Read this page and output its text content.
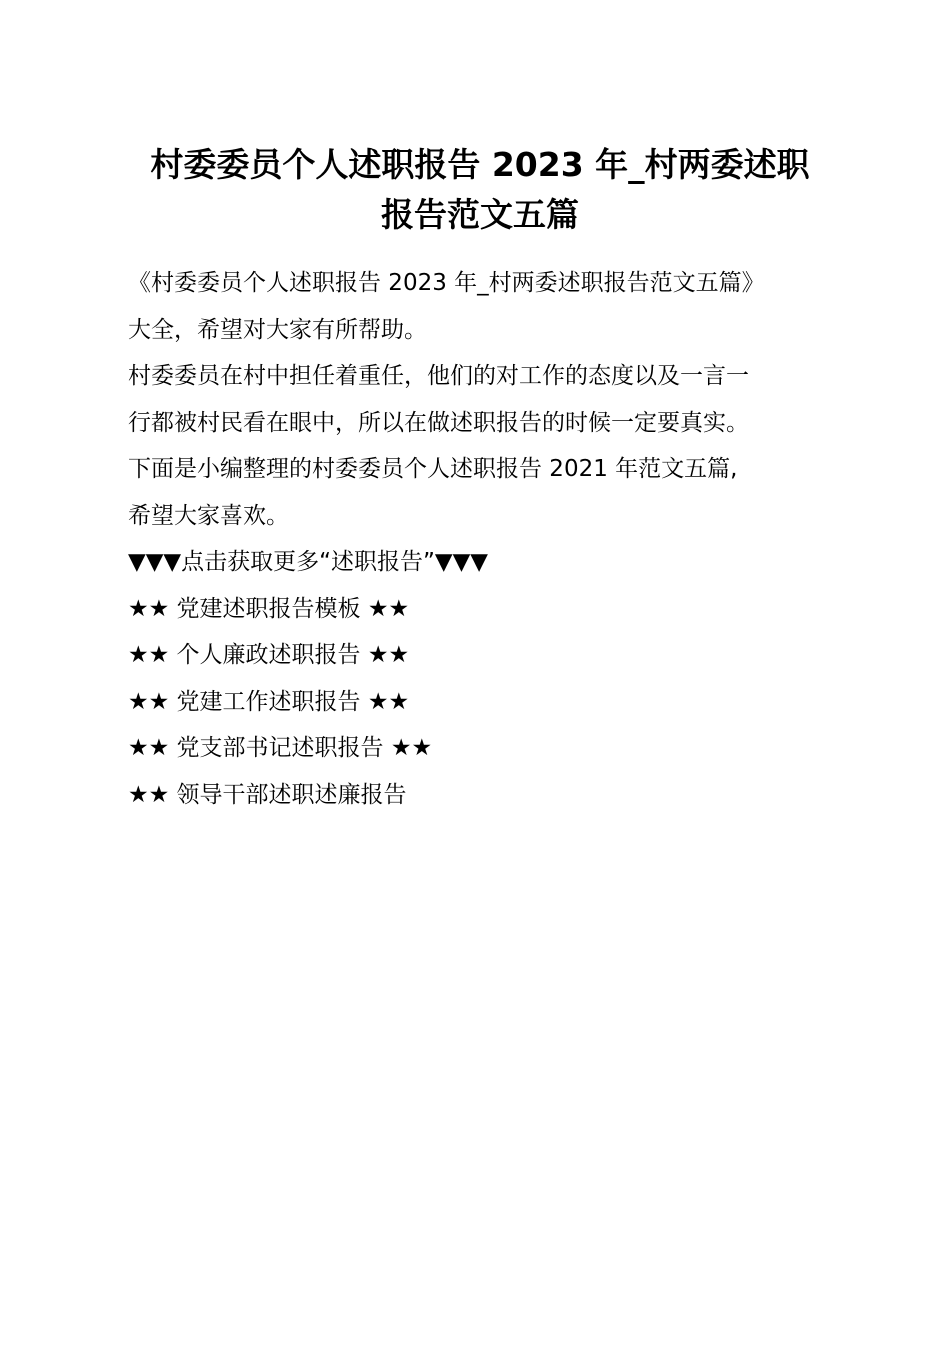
村委委员个人述职报告 2023 年_村两委述职
报告范文五篇
《村委委员个人述职报告 2023 年_村两委述职报告范文五篇》
大全，希望对大家有所帮助。
村委委员在村中担任着重任，他们的对工作的态度以及一言一
行都被村民看在眼中，所以在做述职报告的时候一定要真实。
下面是小编整理的村委委员个人述职报告 2021 年范文五篇,
希望大家喜欢。
▼▼▼点击获取更多“述职报告”▼▼▼
★★ 党建述职报告模板 ★★
★★ 个人廉政述职报告 ★★
★★ 党建工作述职报告 ★★
★★ 党支部书记述职报告 ★★
★★ 领导干部述职述廉报告
